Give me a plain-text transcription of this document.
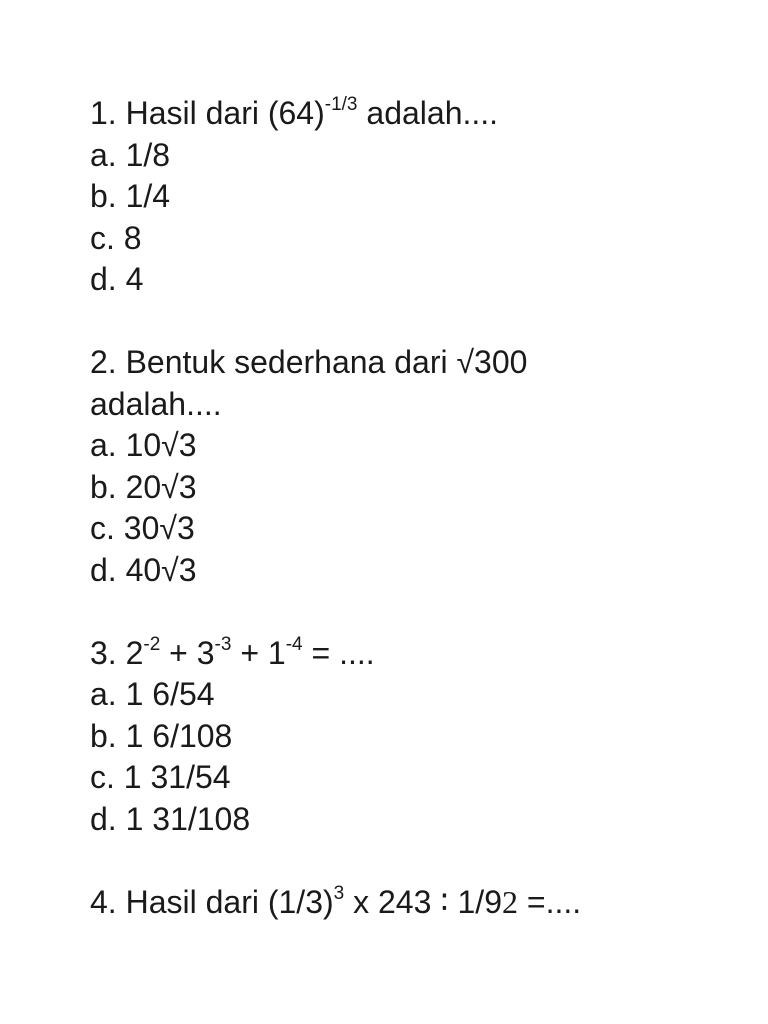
1. Hasil dari $(64)^{-1/3}$ adalah....
a. 1/8
b. 1/4
c. 8
d. 4
2. Bentuk sederhana dari √300
adalah....
a. 10√3
b. 20√3
c. 30√3
d. 40√3
3. $2^{-2} + 3^{-3} + 1^{-4}$ = ....
a. 1 6/54
b. 1 6/108
c. 1 31/54
d. 1 31/108
4. Hasil dari $(1/3)^3$ x 243 ∶ 1/92 =....
